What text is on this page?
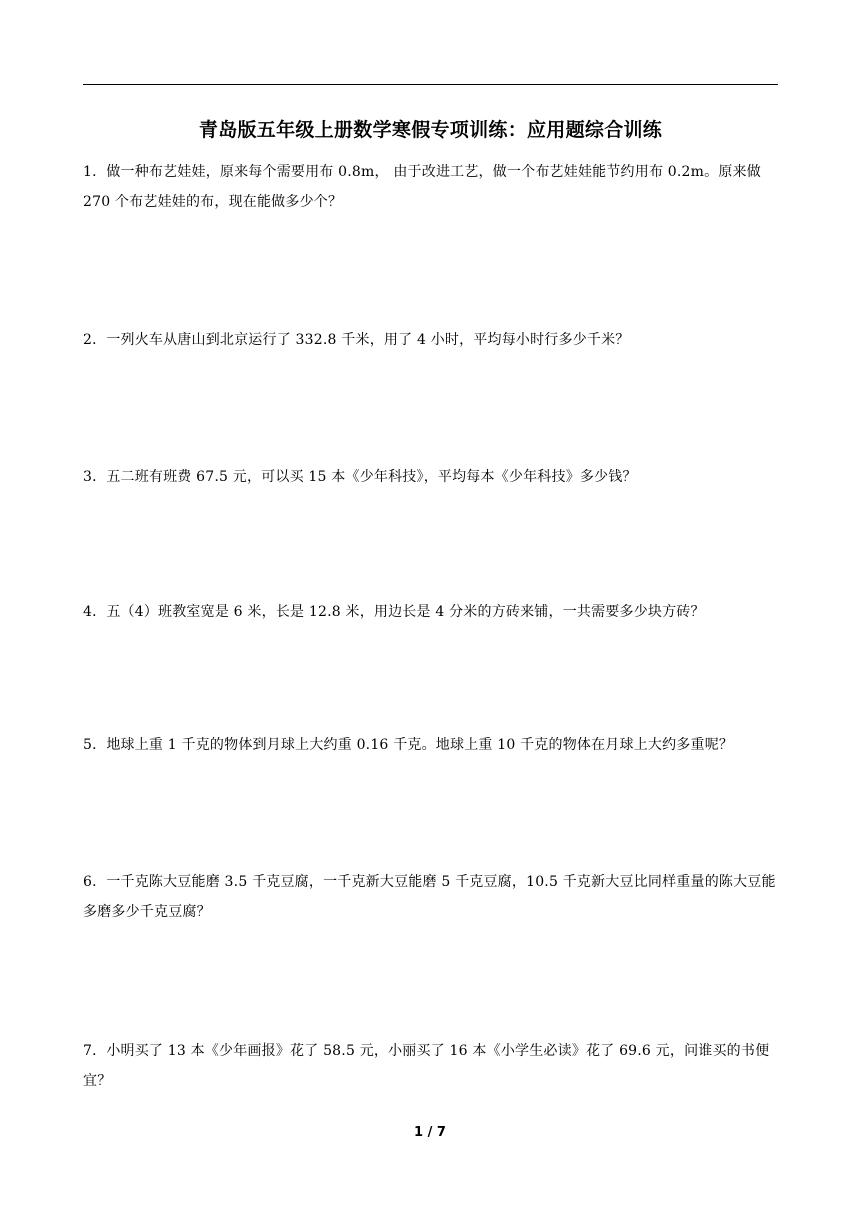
青岛版五年级上册数学寒假专项训练：应用题综合训练

1．做一种布艺娃娃，原来每个需要用布 0.8m， 由于改进工艺，做一个布艺娃娃能节约用布 0.2m。原来做 270 个布艺娃娃的布，现在能做多少个？

2．一列火车从唐山到北京运行了 332.8 千米，用了 4 小时，平均每小时行多少千米？

3．五二班有班费 67.5 元，可以买 15 本《少年科技》，平均每本《少年科技》多少钱？

4．五（4）班教室宽是 6 米，长是 12.8 米，用边长是 4 分米的方砖来铺，一共需要多少块方砖？

5．地球上重 1 千克的物体到月球上大约重 0.16 千克。地球上重 10 千克的物体在月球上大约多重呢？

6．一千克陈大豆能磨 3.5 千克豆腐，一千克新大豆能磨 5 千克豆腐，10.5 千克新大豆比同样重量的陈大豆能多磨多少千克豆腐？

7．小明买了 13 本《少年画报》花了 58.5 元，小丽买了 16 本《小学生必读》花了 69.6 元，问谁买的书便宜？

1 / 7
